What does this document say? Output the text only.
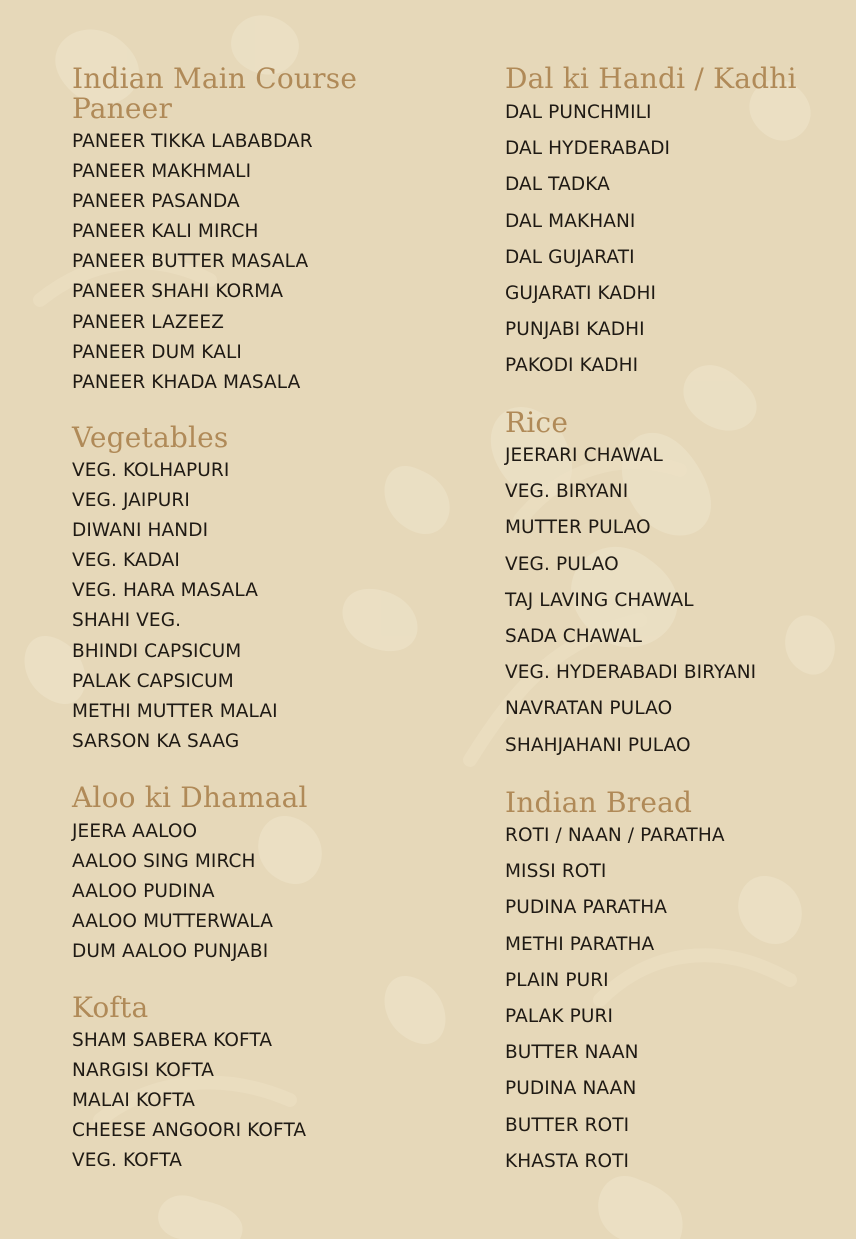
Indian Main Course
Paneer
PANEER TIKKA LABABDAR
PANEER MAKHMALI
PANEER PASANDA
PANEER KALI MIRCH
PANEER BUTTER MASALA
PANEER SHAHI KORMA
PANEER LAZEEZ
PANEER DUM KALI
PANEER KHADA MASALA
Vegetables
VEG. KOLHAPURI
VEG. JAIPURI
DIWANI HANDI
VEG. KADAI
VEG. HARA MASALA
SHAHI VEG.
BHINDI CAPSICUM
PALAK CAPSICUM
METHI MUTTER MALAI
SARSON KA SAAG
Aloo ki Dhamaal
JEERA AALOO
AALOO SING MIRCH
AALOO PUDINA
AALOO MUTTERWALA
DUM AALOO PUNJABI
Kofta
SHAM SABERA KOFTA
NARGISI KOFTA
MALAI KOFTA
CHEESE ANGOORI KOFTA
VEG. KOFTA
Dal ki Handi / Kadhi
DAL PUNCHMILI
DAL HYDERABADI
DAL TADKA
DAL MAKHANI
DAL GUJARATI
GUJARATI KADHI
PUNJABI KADHI
PAKODI KADHI
Rice
JEERARI CHAWAL
VEG. BIRYANI
MUTTER PULAO
VEG. PULAO
TAJ LAVING CHAWAL
SADA CHAWAL
VEG. HYDERABADI BIRYANI
NAVRATAN PULAO
SHAHJAHANI PULAO
Indian Bread
ROTI / NAAN / PARATHA
MISSI ROTI
PUDINA PARATHA
METHI PARATHA
PLAIN PURI
PALAK PURI
BUTTER NAAN
PUDINA NAAN
BUTTER ROTI
KHASTA ROTI
